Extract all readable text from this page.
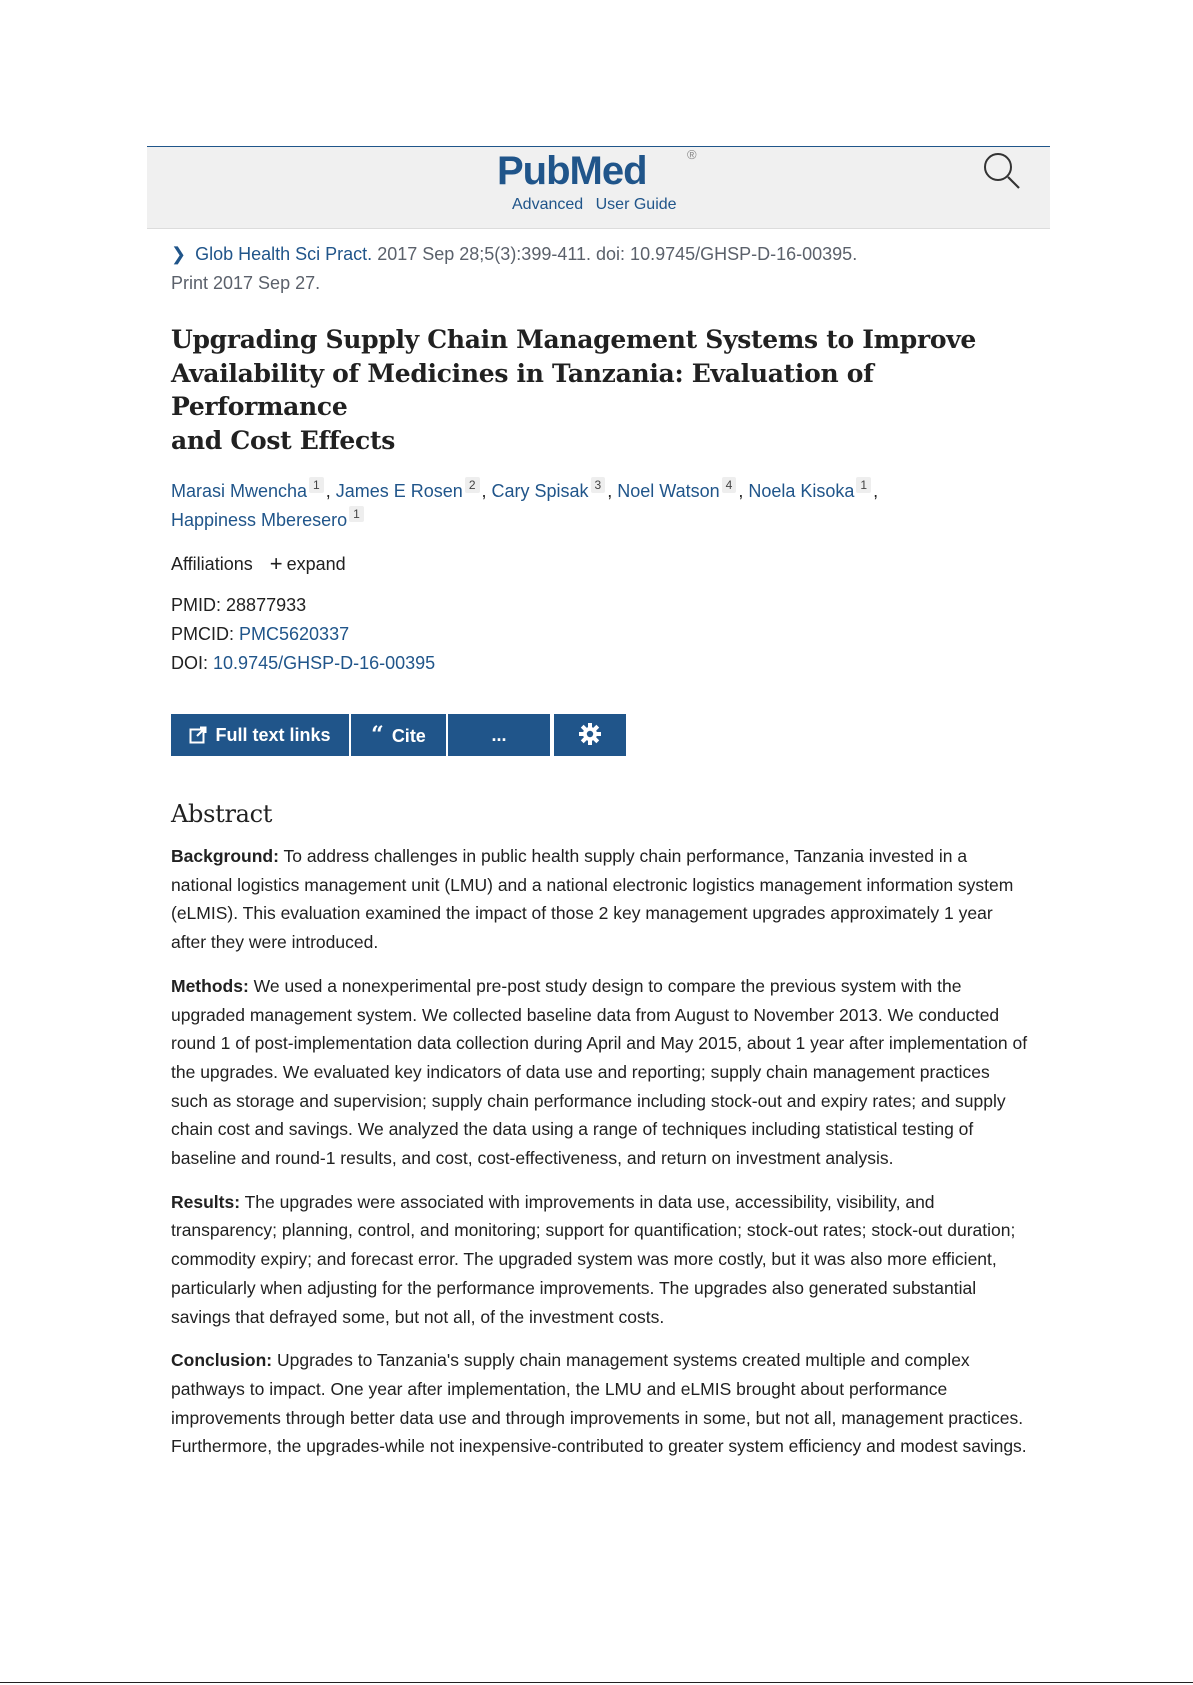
PubMed	®
Advanced User Guide
❯ Glob Health Sci Pract. 2017 Sep 28;5(3):399-411. doi: 10.9745/GHSP-D-16-00395.
Print 2017 Sep 27.
Upgrading Supply Chain Management Systems to Improve
Availability of Medicines in Tanzania: Evaluation of Performance
and Cost Effects
Marasi Mwencha 1 , James E Rosen 2 , Cary Spisak 3 , Noel Watson 4 , Noela Kisoka 1 ,
Happiness Mberesero 1
Affiliations + expand
PMID: 28877933
PMCID: PMC5620337
DOI: 10.9745/GHSP-D-16-00395
Full text links	“ Cite	...
Abstract
Background: To address challenges in public health supply chain performance, Tanzania invested in a national logistics management unit (LMU) and a national electronic logistics management information system (eLMIS). This evaluation examined the impact of those 2 key management upgrades approximately 1 year after they were introduced.
Methods: We used a nonexperimental pre-post study design to compare the previous system with the upgraded management system. We collected baseline data from August to November 2013. We conducted round 1 of post-implementation data collection during April and May 2015, about 1 year after implementation of the upgrades. We evaluated key indicators of data use and reporting; supply chain management practices such as storage and supervision; supply chain performance including stock-out and expiry rates; and supply chain cost and savings. We analyzed the data using a range of techniques including statistical testing of baseline and round-1 results, and cost, cost-effectiveness, and return on investment analysis.
Results: The upgrades were associated with improvements in data use, accessibility, visibility, and transparency; planning, control, and monitoring; support for quantification; stock-out rates; stock-out duration; commodity expiry; and forecast error. The upgraded system was more costly, but it was also more efficient, particularly when adjusting for the performance improvements. The upgrades also generated substantial savings that defrayed some, but not all, of the investment costs.
Conclusion: Upgrades to Tanzania's supply chain management systems created multiple and complex pathways to impact. One year after implementation, the LMU and eLMIS brought about performance improvements through better data use and through improvements in some, but not all, management practices. Furthermore, the upgrades-while not inexpensive-contributed to greater system efficiency and modest savings.
